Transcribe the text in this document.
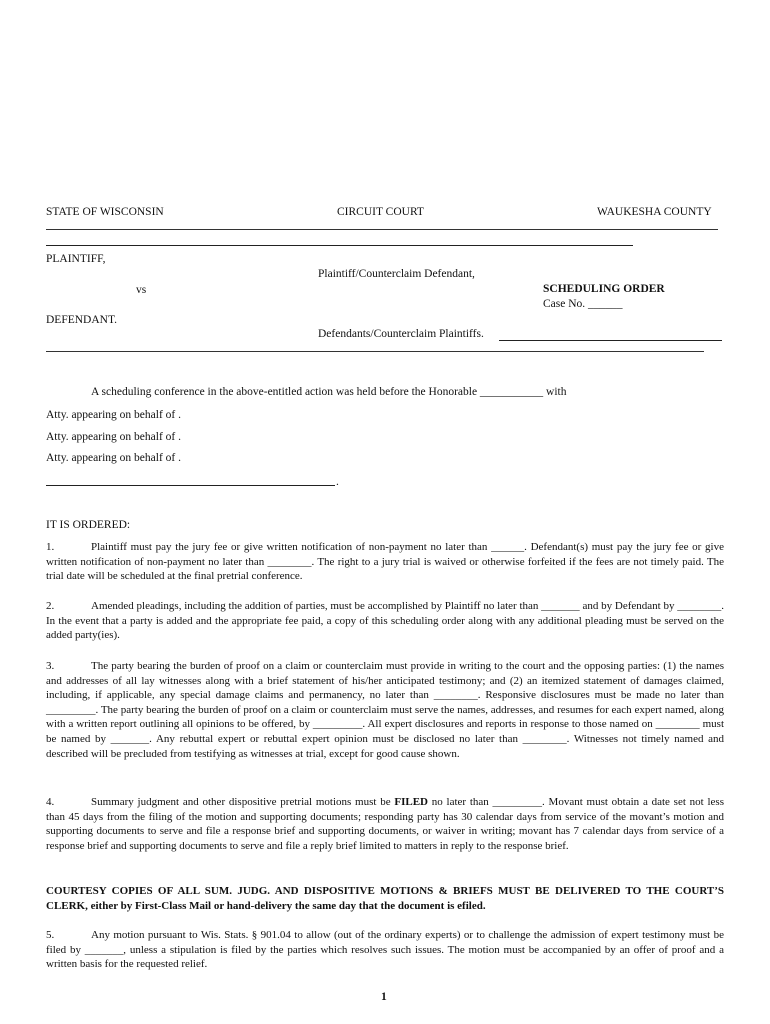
STATE OF WISCONSIN	CIRCUIT COURT	WAUKESHA COUNTY
PLAINTIFF,
Plaintiff/Counterclaim Defendant,
vs	SCHEDULING ORDER
Case No. ______
DEFENDANT.
Defendants/Counterclaim Plaintiffs.
A scheduling conference in the above-entitled action was held before the Honorable ___________ with
Atty. appearing on behalf of .
Atty. appearing on behalf of .
Atty. appearing on behalf of .
.
IT IS ORDERED:
1.	Plaintiff must pay the jury fee or give written notification of non-payment no later than ______. Defendant(s) must pay the jury fee or give written notification of non-payment no later than ________. The right to a jury trial is waived or otherwise forfeited if the fees are not timely paid. The trial date will be scheduled at the final pretrial conference.
2.	Amended pleadings, including the addition of parties, must be accomplished by Plaintiff no later than _______ and by Defendant by ________. In the event that a party is added and the appropriate fee paid, a copy of this scheduling order along with any additional pleading must be served on the added party(ies).
3.	The party bearing the burden of proof on a claim or counterclaim must provide in writing to the court and the opposing parties: (1) the names and addresses of all lay witnesses along with a brief statement of his/her anticipated testimony; and (2) an itemized statement of damages claimed, including, if applicable, any special damage claims and permanency, no later than ________. Responsive disclosures must be made no later than _________. The party bearing the burden of proof on a claim or counterclaim must serve the names, addresses, and resumes for each expert named, along with a written report outlining all opinions to be offered, by _________. All expert disclosures and reports in response to those named on ________ must be named by _______. Any rebuttal expert or rebuttal expert opinion must be disclosed no later than ________. Witnesses not timely named and described will be precluded from testifying as witnesses at trial, except for good cause shown.
4.	Summary judgment and other dispositive pretrial motions must be FILED no later than _________. Movant must obtain a date set not less than 45 days from the filing of the motion and supporting documents; responding party has 30 calendar days from service of the movant’s motion and supporting documents to serve and file a response brief and supporting documents, or waiver in writing; movant has 7 calendar days from service of a response brief and supporting documents to serve and file a reply brief limited to matters in reply to the response brief.
COURTESY COPIES OF ALL SUM. JUDG. AND DISPOSITIVE MOTIONS & BRIEFS MUST BE DELIVERED TO THE COURT’S CLERK, either by First-Class Mail or hand-delivery the same day that the document is efiled.
5.	Any motion pursuant to Wis. Stats. § 901.04 to allow (out of the ordinary experts) or to challenge the admission of expert testimony must be filed by _______, unless a stipulation is filed by the parties which resolves such issues. The motion must be accompanied by an offer of proof and a written basis for the requested relief.
1
